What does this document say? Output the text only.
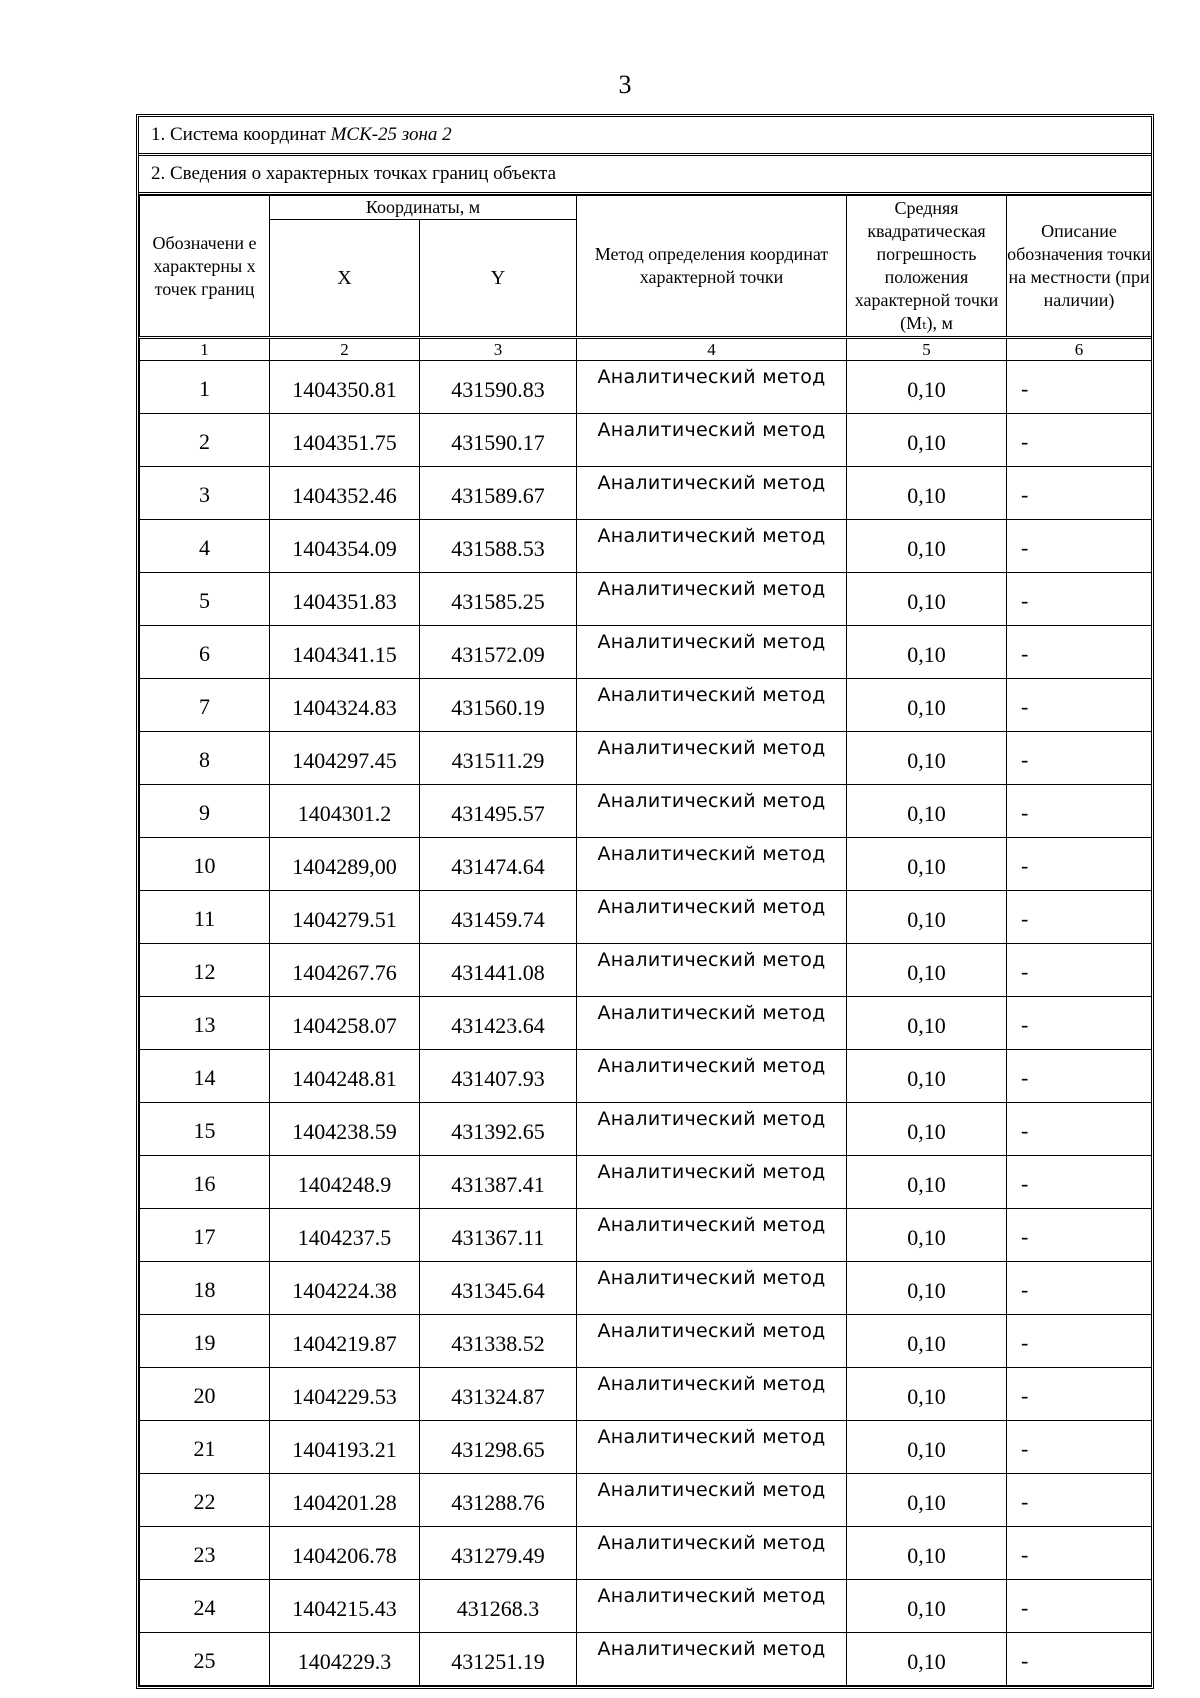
3
1. Система координат МСК-25 зона 2
2. Сведения о характерных точках границ объекта
Обозначени е характерны х точек границ	Координаты, м		Метод определения координат характерной точки	Средняя квадратическая погрешность положения характерной точки (Mₜ), м	Описание обозначения точки на местности (при наличии)
	X	Y			
1	2	3	4	5	6
1	1404350.81	431590.83	Аналитический метод	0,10	-
2	1404351.75	431590.17	Аналитический метод	0,10	-
3	1404352.46	431589.67	Аналитический метод	0,10	-
4	1404354.09	431588.53	Аналитический метод	0,10	-
5	1404351.83	431585.25	Аналитический метод	0,10	-
6	1404341.15	431572.09	Аналитический метод	0,10	-
7	1404324.83	431560.19	Аналитический метод	0,10	-
8	1404297.45	431511.29	Аналитический метод	0,10	-
9	1404301.2	431495.57	Аналитический метод	0,10	-
10	1404289,00	431474.64	Аналитический метод	0,10	-
11	1404279.51	431459.74	Аналитический метод	0,10	-
12	1404267.76	431441.08	Аналитический метод	0,10	-
13	1404258.07	431423.64	Аналитический метод	0,10	-
14	1404248.81	431407.93	Аналитический метод	0,10	-
15	1404238.59	431392.65	Аналитический метод	0,10	-
16	1404248.9	431387.41	Аналитический метод	0,10	-
17	1404237.5	431367.11	Аналитический метод	0,10	-
18	1404224.38	431345.64	Аналитический метод	0,10	-
19	1404219.87	431338.52	Аналитический метод	0,10	-
20	1404229.53	431324.87	Аналитический метод	0,10	-
21	1404193.21	431298.65	Аналитический метод	0,10	-
22	1404201.28	431288.76	Аналитический метод	0,10	-
23	1404206.78	431279.49	Аналитический метод	0,10	-
24	1404215.43	431268.3	Аналитический метод	0,10	-
25	1404229.3	431251.19	Аналитический метод	0,10	-
